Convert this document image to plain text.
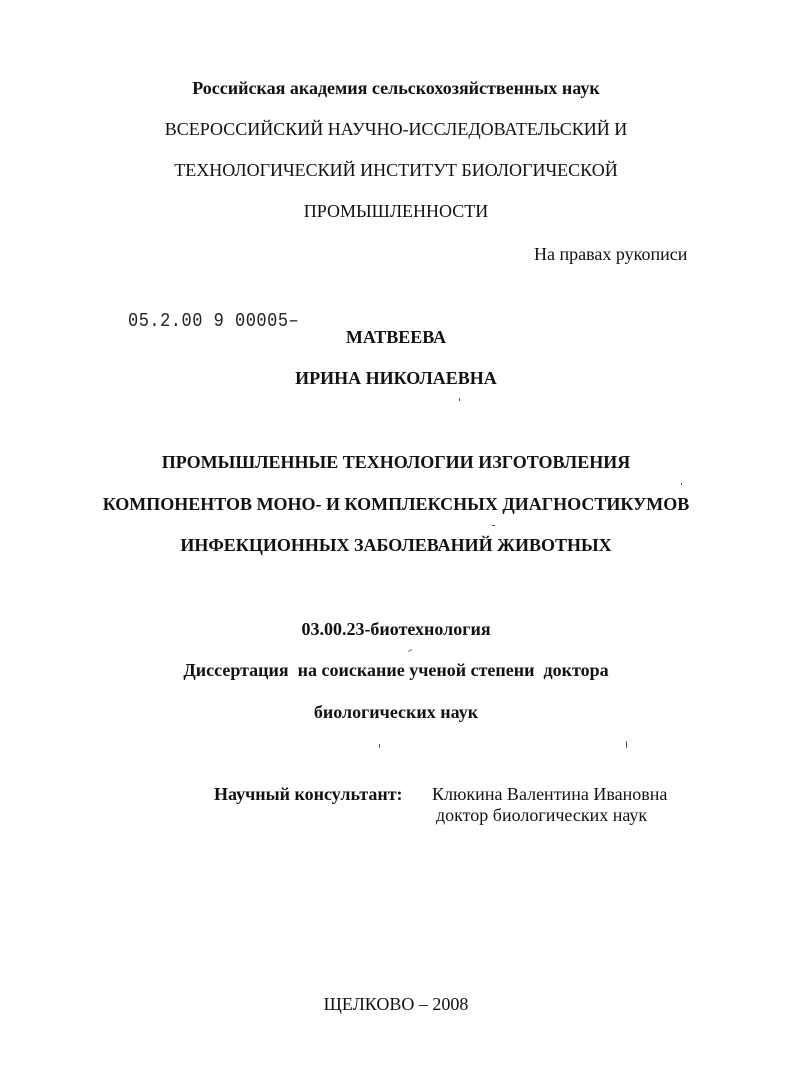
Российская академия сельскохозяйственных наук
ВСЕРОССИЙСКИЙ НАУЧНО-ИССЛЕДОВАТЕЛЬСКИЙ И
ТЕХНОЛОГИЧЕСКИЙ ИНСТИТУТ БИОЛОГИЧЕСКОЙ
ПРОМЫШЛЕННОСТИ
На правах рукописи
05.2.00 9 00005‒
МАТВЕЕВА
ИРИНА НИКОЛАЕВНА
ПРОМЫШЛЕННЫЕ ТЕХНОЛОГИИ ИЗГОТОВЛЕНИЯ
КОМПОНЕНТОВ МОНО- И КОМПЛЕКСНЫХ ДИАГНОСТИКУМОВ
ИНФЕКЦИОННЫХ ЗАБОЛЕВАНИЙ ЖИВОТНЫХ
03.00.23-биотехнология
Диссертация  на соискание ученой степени  доктора
биологических наук
Научный консультант: Клюкина Валентина Ивановна
доктор биологических наук
ЩЕЛКОВО – 2008
